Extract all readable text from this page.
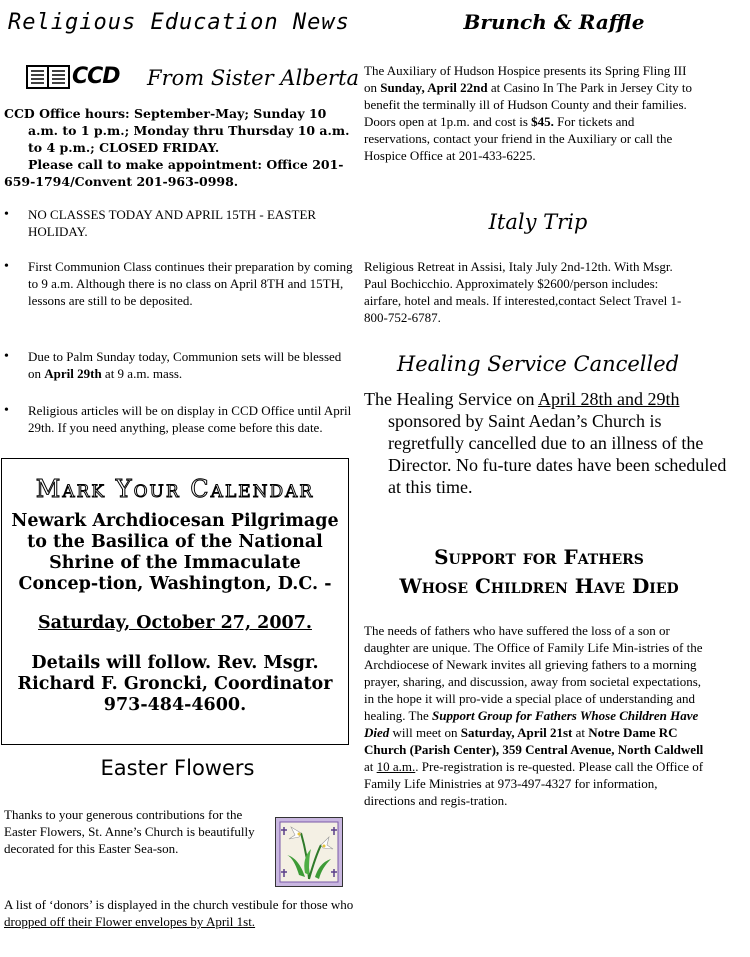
Religious Education News
CCD From Sister Alberta
CCD Office hours: September-May; Sunday 10
a.m. to 1 p.m.; Monday thru Thursday 10 a.m.
to 4 p.m.; CLOSED FRIDAY.
Please call to make appointment: Office 201-
659-1794/Convent 201-963-0998.
• NO CLASSES TODAY AND APRIL 15TH - EASTER HOLIDAY.
• First Communion Class continues their preparation by coming to 9 a.m. Although there is no class on April 8TH and 15TH, lessons are still to be deposited.
• Due to Palm Sunday today, Communion sets will be blessed on April 29th at 9 a.m. mass.
• Religious articles will be on display in CCD Office until April 29th. If you need anything, please come before this date.
Mark Your Calendar
Newark Archdiocesan Pilgrimage to the Basilica of the National Shrine of the Immaculate Concep-tion, Washington, D.C. -
Saturday, October 27, 2007.
Details will follow. Rev. Msgr. Richard F. Groncki, Coordinator 973-484-4600.
Easter Flowers
Thanks to your generous contributions for the Easter Flowers, St. Anne’s Church is beautifully decorated for this Easter Sea-son.
A list of ‘donors’ is displayed in the church vestibule for those who dropped off their Flower envelopes by April 1st.
Brunch & Raffle
The Auxiliary of Hudson Hospice presents its Spring Fling III on Sunday, April 22nd at Casino In The Park in Jersey City to benefit the terminally ill of Hudson County and their families. Doors open at 1p.m. and cost is $45. For tickets and reservations, contact your friend in the Auxiliary or call the Hospice Office at 201-433-6225.
Italy Trip
Religious Retreat in Assisi, Italy July 2nd-12th. With Msgr. Paul Bochicchio. Approximately $2600/person includes: airfare, hotel and meals. If interested,contact Select Travel 1-800-752-6787.
Healing Service Cancelled
The Healing Service on April 28th and 29th sponsored by Saint Aedan’s Church is regretfully cancelled due to an illness of the Director. No fu-ture dates have been scheduled at this time.
Support for Fathers
Whose Children Have Died
The needs of fathers who have suffered the loss of a son or daughter are unique. The Office of Family Life Min-istries of the Archdiocese of Newark invites all grieving fathers to a morning prayer, sharing, and discussion, away from societal expectations, in the hope it will pro-vide a special place of understanding and healing. The Support Group for Fathers Whose Children Have Died will meet on Saturday, April 21st at Notre Dame RC Church (Parish Center), 359 Central Avenue, North Caldwell at 10 a.m.. Pre-registration is re-quested. Please call the Office of Family Life Ministries at 973-497-4327 for information, directions and regis-tration.
